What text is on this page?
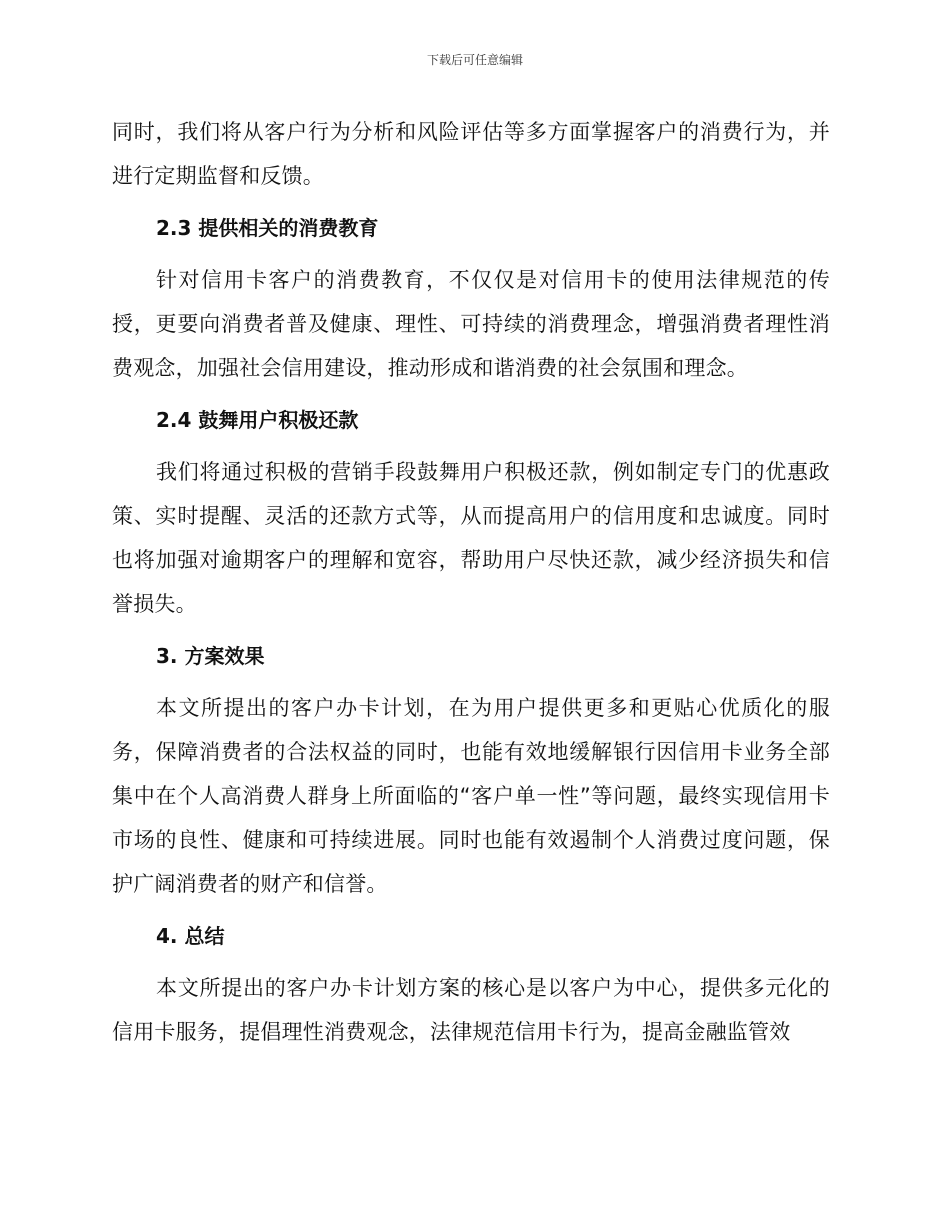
下载后可任意编辑

同时，我们将从客户行为分析和风险评估等多方面掌握客户的消费行为，并进行定期监督和反馈。

2.3 提供相关的消费教育

针对信用卡客户的消费教育，不仅仅是对信用卡的使用法律规范的传授，更要向消费者普及健康、理性、可持续的消费理念，增强消费者理性消费观念，加强社会信用建设，推动形成和谐消费的社会氛围和理念。

2.4 鼓舞用户积极还款

我们将通过积极的营销手段鼓舞用户积极还款，例如制定专门的优惠政策、实时提醒、灵活的还款方式等，从而提高用户的信用度和忠诚度。同时也将加强对逾期客户的理解和宽容，帮助用户尽快还款，减少经济损失和信誉损失。

3. 方案效果

本文所提出的客户办卡计划，在为用户提供更多和更贴心优质化的服务，保障消费者的合法权益的同时，也能有效地缓解银行因信用卡业务全部集中在个人高消费人群身上所面临的“客户单一性”等问题，最终实现信用卡市场的良性、健康和可持续进展。同时也能有效遏制个人消费过度问题，保护广阔消费者的财产和信誉。

4. 总结

本文所提出的客户办卡计划方案的核心是以客户为中心，提供多元化的信用卡服务，提倡理性消费观念，法律规范信用卡行为，提高金融监管效
